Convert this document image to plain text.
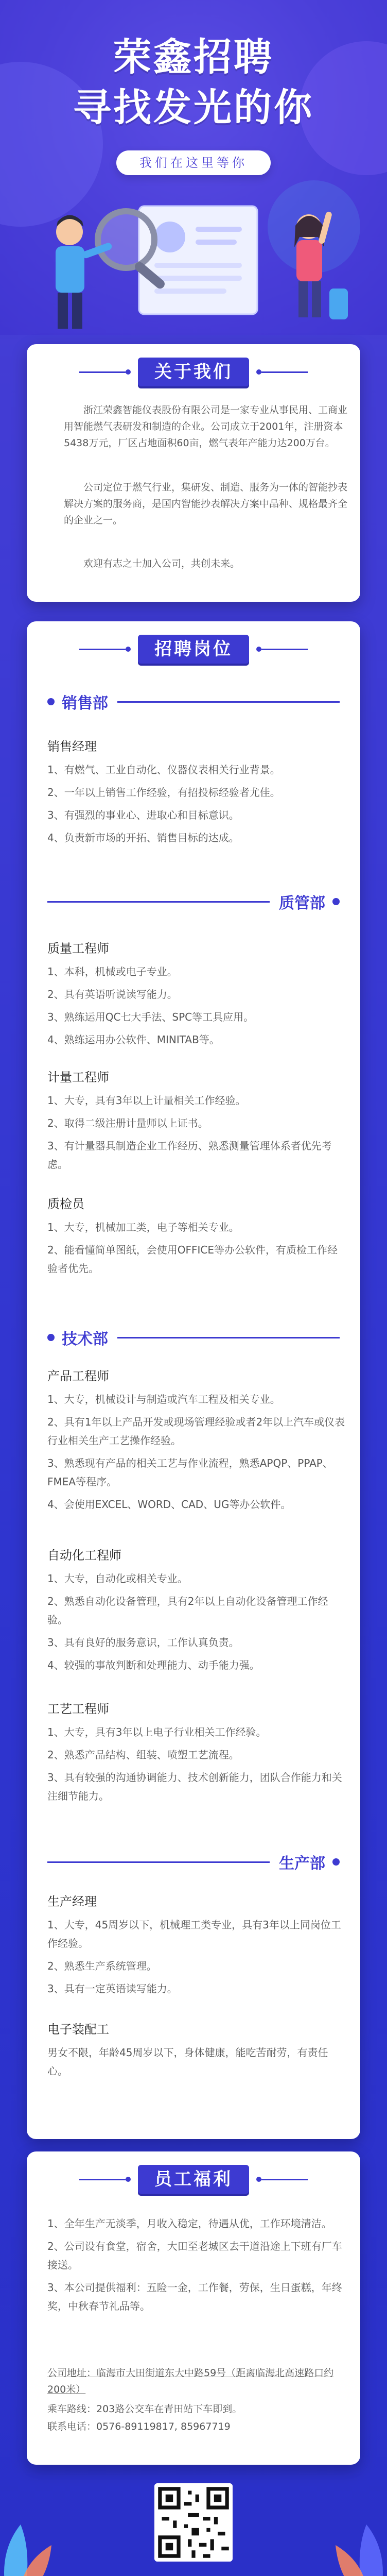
荣鑫招聘
寻找发光的你
我们在这里等你
关于我们
浙江荣鑫智能仪表股份有限公司是一家专业从事民用、工商业用智能燃气表研发和制造的企业。公司成立于2001年，注册资本5438万元，厂区占地面积60亩，燃气表年产能力达200万台。
公司定位于燃气行业，集研发、制造、服务为一体的智能抄表解决方案的服务商，是国内智能抄表解决方案中品种、规格最齐全的企业之一。
欢迎有志之士加入公司，共创未来。
招聘岗位
销售部
销售经理
1、有燃气、工业自动化、仪器仪表相关行业背景。
2、一年以上销售工作经验，有招投标经验者尤佳。
3、有强烈的事业心、进取心和目标意识。
4、负责新市场的开拓、销售目标的达成。
质管部
质量工程师
1、本科，机械或电子专业。
2、具有英语听说读写能力。
3、熟练运用QC七大手法、SPC等工具应用。
4、熟练运用办公软件、MINITAB等。
计量工程师
1、大专，具有3年以上计量相关工作经验。
2、取得二级注册计量师以上证书。
3、有计量器具制造企业工作经历、熟悉测量管理体系者优先考虑。
质检员
1、大专，机械加工类，电子等相关专业。
2、能看懂简单图纸，会使用OFFICE等办公软件，有质检工作经验者优先。
技术部
产品工程师
1、大专，机械设计与制造或汽车工程及相关专业。
2、具有1年以上产品开发或现场管理经验或者2年以上汽车或仪表行业相关生产工艺操作经验。
3、熟悉现有产品的相关工艺与作业流程，熟悉APQP、PPAP、FMEA等程序。
4、会使用EXCEL、WORD、CAD、UG等办公软件。
自动化工程师
1、大专，自动化或相关专业。
2、熟悉自动化设备管理，具有2年以上自动化设备管理工作经验。
3、具有良好的服务意识，工作认真负责。
4、较强的事故判断和处理能力、动手能力强。
工艺工程师
1、大专，具有3年以上电子行业相关工作经验。
2、熟悉产品结构、组装、喷塑工艺流程。
3、具有较强的沟通协调能力、技术创新能力，团队合作能力和关注细节能力。
生产部
生产经理
1、大专，45周岁以下，机械理工类专业，具有3年以上同岗位工作经验。
2、熟悉生产系统管理。
3、具有一定英语读写能力。
电子装配工
男女不限，年龄45周岁以下，身体健康，能吃苦耐劳，有责任心。
员工福利
1、全年生产无淡季，月收入稳定，待遇从优，工作环境清洁。
2、公司设有食堂，宿舍，大田至老城区去干道沿途上下班有厂车接送。
3、本公司提供福利：五险一金，工作餐，劳保，生日蛋糕，年终奖，中秋春节礼品等。
公司地址：临海市大田街道东大中路59号（距离临海北高速路口约200米）
乘车路线：203路公交车在青田站下车即到。
联系电话：0576-89119817, 85967719
